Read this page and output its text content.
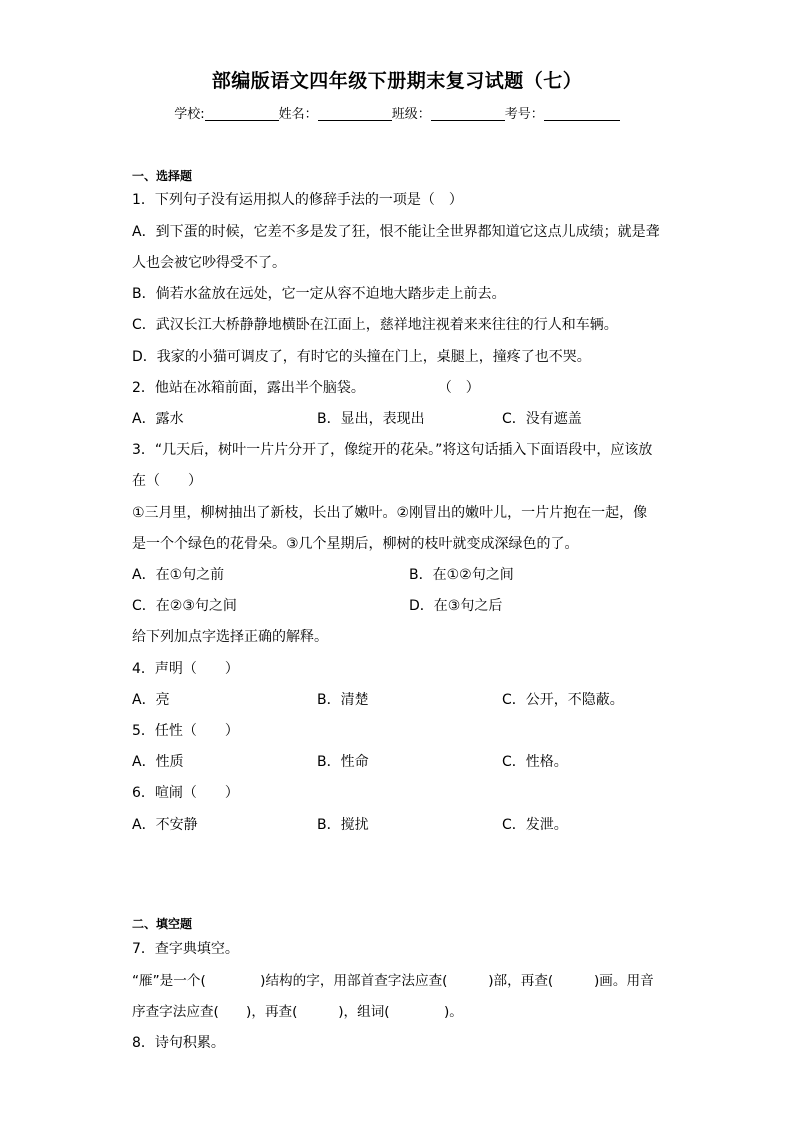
部编版语文四年级下册期末复习试题（七）
学校:	姓名：	班级：	考号：
一、选择题
1．下列句子没有运用拟人的修辞手法的一项是（　）
A．到下蛋的时候，它差不多是发了狂，恨不能让全世界都知道它这点儿成绩；就是聋
人也会被它吵得受不了。
B．倘若水盆放在远处，它一定从容不迫地大踏步走上前去。
C．武汉长江大桥静静地横卧在江面上，慈祥地注视着来来往往的行人和车辆。
D．我家的小猫可调皮了，有时它的头撞在门上，桌腿上，撞疼了也不哭。
2．他站在冰箱前面，露出半个脑袋。	（　）
A．露水	B．显出，表现出	C．没有遮盖
3．“几天后，树叶一片片分开了，像绽开的花朵。”将这句话插入下面语段中，应该放
在（　　）
①三月里，柳树抽出了新枝，长出了嫩叶。②刚冒出的嫩叶儿，一片片抱在一起，像
是一个个绿色的花骨朵。③几个星期后，柳树的枝叶就变成深绿色的了。
A．在①句之前	B．在①②句之间
C．在②③句之间	D．在③句之后
给下列加点字选择正确的解释。
4．声明（　　）
A．亮	B．清楚	C．公开，不隐蔽。
5．任性（　　）
A．性质	B．性命	C．性格。
6．喧闹（　　）
A．不安静	B．搅扰	C．发泄。
二、填空题
7．查字典填空。
“雁”是一个(　　　　)结构的字，用部首查字法应查(　　　)部，再查(　　　)画。用音
序查字法应查(　　)，再查(　　　)，组词(　　　　)。
8．诗句积累。
